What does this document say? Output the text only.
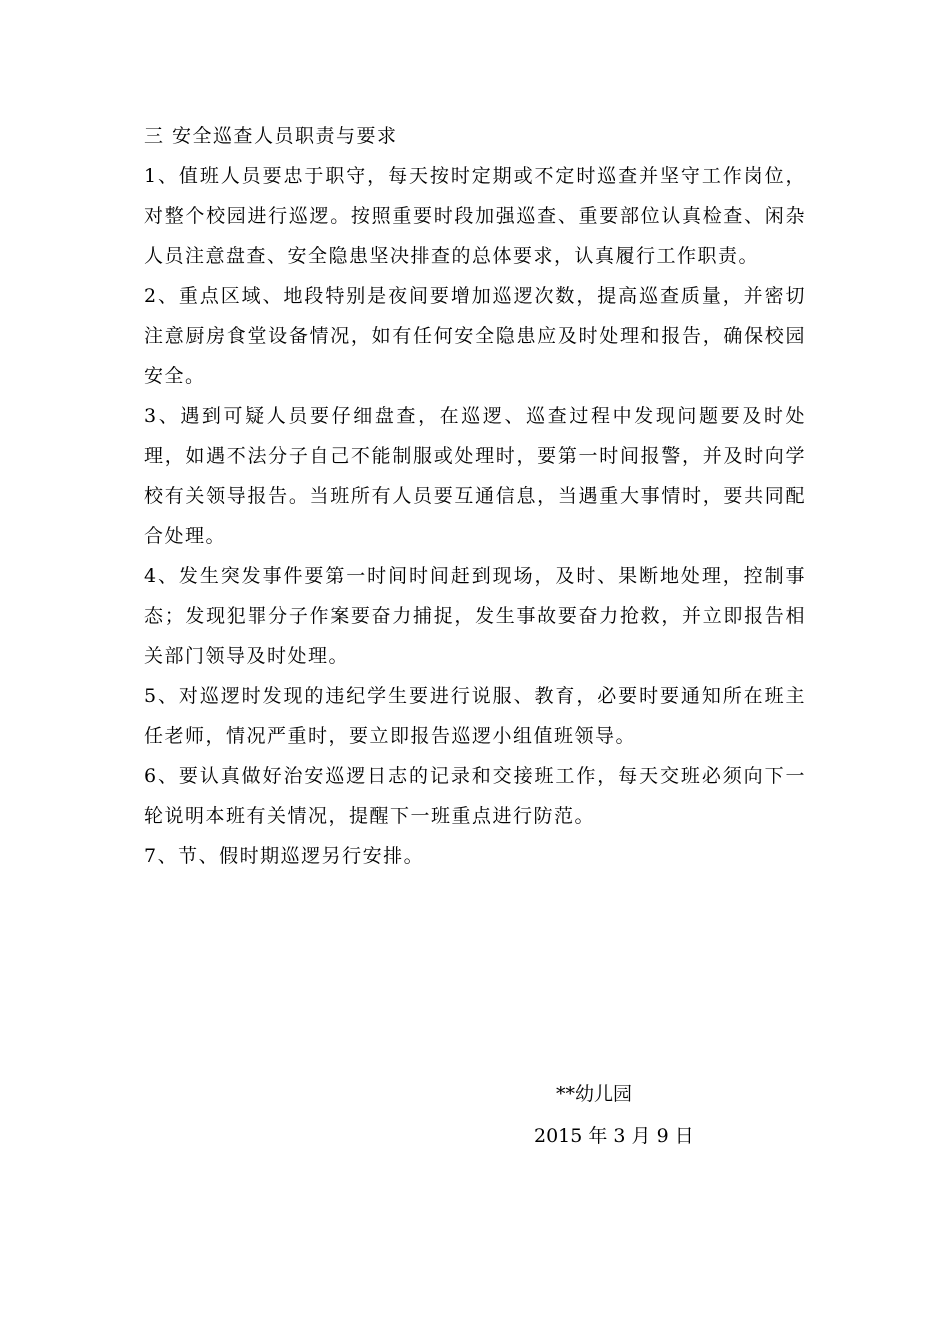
三 安全巡查人员职责与要求

1、值班人员要忠于职守，每天按时定期或不定时巡查并坚守工作岗位，对整个校园进行巡逻。按照重要时段加强巡查、重要部位认真检查、闲杂人员注意盘查、安全隐患坚决排查的总体要求，认真履行工作职责。

2、重点区域、地段特别是夜间要增加巡逻次数，提高巡查质量，并密切注意厨房食堂设备情况，如有任何安全隐患应及时处理和报告，确保校园安全。

3、遇到可疑人员要仔细盘查，在巡逻、巡查过程中发现问题要及时处理，如遇不法分子自己不能制服或处理时，要第一时间报警，并及时向学校有关领导报告。当班所有人员要互通信息，当遇重大事情时，要共同配合处理。

4、发生突发事件要第一时间时间赶到现场，及时、果断地处理，控制事态；发现犯罪分子作案要奋力捕捉，发生事故要奋力抢救，并立即报告相关部门领导及时处理。

5、对巡逻时发现的违纪学生要进行说服、教育，必要时要通知所在班主任老师，情况严重时，要立即报告巡逻小组值班领导。

6、要认真做好治安巡逻日志的记录和交接班工作，每天交班必须向下一轮说明本班有关情况，提醒下一班重点进行防范。

7、节、假时期巡逻另行安排。

**幼儿园
2015 年 3 月 9 日
